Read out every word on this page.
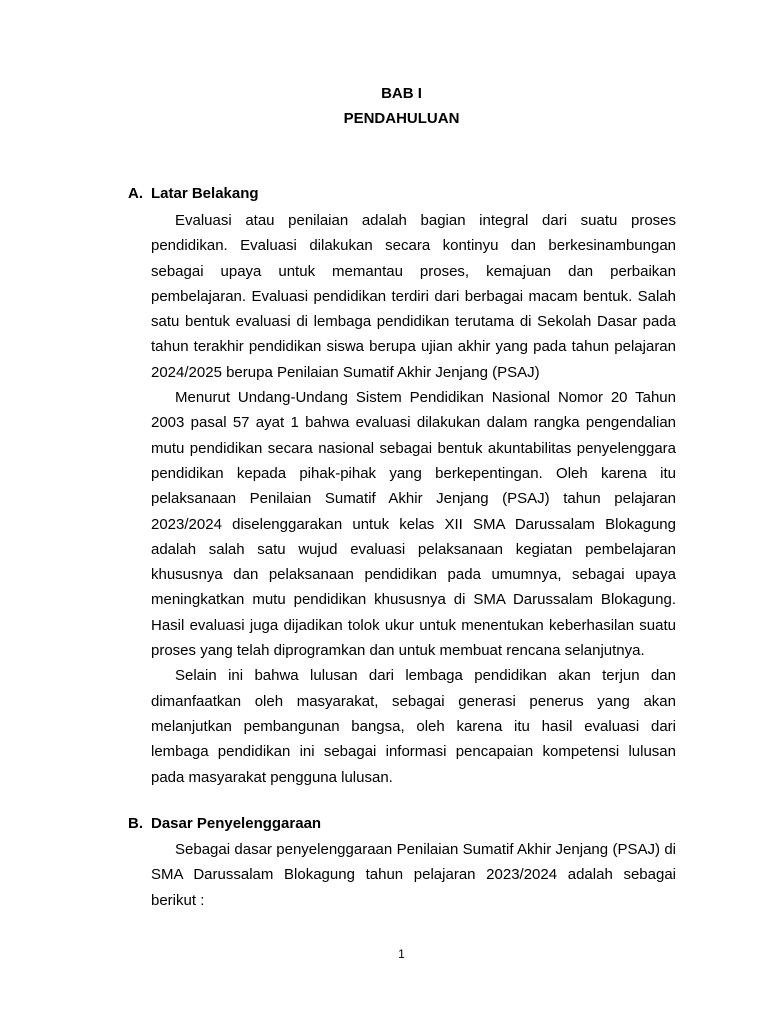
BAB I
PENDAHULUAN
A. Latar Belakang

Evaluasi atau penilaian adalah bagian integral dari suatu proses pendidikan. Evaluasi dilakukan secara kontinyu dan berkesinambungan sebagai upaya untuk memantau proses, kemajuan dan perbaikan pembelajaran. Evaluasi pendidikan terdiri dari berbagai macam bentuk. Salah satu bentuk evaluasi di lembaga pendidikan terutama di Sekolah Dasar pada tahun terakhir pendidikan siswa berupa ujian akhir yang pada tahun pelajaran 2024/2025 berupa Penilaian Sumatif Akhir Jenjang (PSAJ)

Menurut Undang-Undang Sistem Pendidikan Nasional Nomor 20 Tahun 2003 pasal 57 ayat 1 bahwa evaluasi dilakukan dalam rangka pengendalian mutu pendidikan secara nasional sebagai bentuk akuntabilitas penyelenggara pendidikan kepada pihak-pihak yang berkepentingan. Oleh karena itu pelaksanaan Penilaian Sumatif Akhir Jenjang (PSAJ) tahun pelajaran 2023/2024 diselenggarakan untuk kelas XII SMA Darussalam Blokagung adalah salah satu wujud evaluasi pelaksanaan kegiatan pembelajaran khususnya dan pelaksanaan pendidikan pada umumnya, sebagai upaya meningkatkan mutu pendidikan khususnya di SMA Darussalam Blokagung. Hasil evaluasi juga dijadikan tolok ukur untuk menentukan keberhasilan suatu proses yang telah diprogramkan dan untuk membuat rencana selanjutnya.

Selain ini bahwa lulusan dari lembaga pendidikan akan terjun dan dimanfaatkan oleh masyarakat, sebagai generasi penerus yang akan melanjutkan pembangunan bangsa, oleh karena itu hasil evaluasi dari lembaga pendidikan ini sebagai informasi pencapaian kompetensi lulusan pada masyarakat pengguna lulusan.

B. Dasar Penyelenggaraan

Sebagai dasar penyelenggaraan Penilaian Sumatif Akhir Jenjang (PSAJ) di SMA Darussalam Blokagung tahun pelajaran 2023/2024 adalah sebagai berikut :

1
